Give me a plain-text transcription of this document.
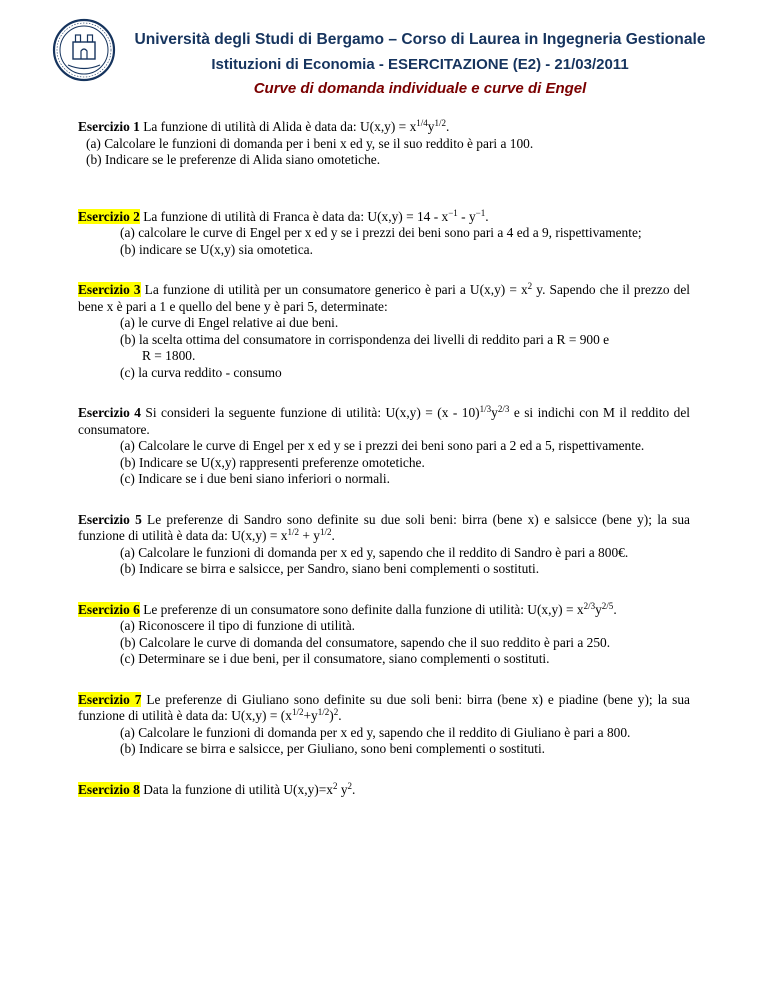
Università degli Studi di Bergamo – Corso di Laurea in Ingegneria Gestionale
Istituzioni di Economia - ESERCITAZIONE (E2) - 21/03/2011
Curve di domanda individuale e curve di Engel

Esercizio 1 La funzione di utilità di Alida è data da: $U(x,y) = x^{1/4}y^{1/2}$.

(a) Calcolare le funzioni di domanda per i beni x ed y, se il suo reddito è pari a 100.

(b) Indicare se le preferenze di Alida siano omotetiche.

Esercizio 2 La funzione di utilità di Franca è data da: $U(x,y) = 14 - x^{-1} - y^{-1}$.

(a) calcolare le curve di Engel per x ed y se i prezzi dei beni sono pari a 4 ed a 9, rispettivamente;

(b) indicare se U(x,y) sia omotetica.

Esercizio 3 La funzione di utilità per un consumatore generico è pari a $U(x,y) = x^2$ y. Sapendo che il prezzo del bene x è pari a 1 e quello del bene y è pari 5, determinate:

(a) le curve di Engel relative ai due beni.

(b) la scelta ottima del consumatore in corrispondenza dei livelli di reddito pari a R = 900 e

R = 1800.

(c) la curva reddito - consumo

Esercizio 4 Si consideri la seguente funzione di utilità: $U(x,y) = (x - 10)^{1/3}y^{2/3}$ e si indichi con M il reddito del consumatore.

(a) Calcolare le curve di Engel per x ed y se i prezzi dei beni sono pari a 2 ed a 5, rispettivamente.

(b) Indicare se U(x,y) rappresenti preferenze omotetiche.

(c) Indicare se i due beni siano inferiori o normali.

Esercizio 5 Le preferenze di Sandro sono definite su due soli beni: birra (bene x) e salsicce (bene y); la sua funzione di utilità è data da: $U(x,y) = x^{1/2} + y^{1/2}$.

(a) Calcolare le funzioni di domanda per x ed y, sapendo che il reddito di Sandro è pari a 800€.

(b) Indicare se birra e salsicce, per Sandro, siano beni complementi o sostituti.

Esercizio 6 Le preferenze di un consumatore sono definite dalla funzione di utilità: $U(x,y) = x^{2/3}y^{2/5}$.

(a) Riconoscere il tipo di funzione di utilità.

(b) Calcolare le curve di domanda del consumatore, sapendo che il suo reddito è pari a 250.

(c) Determinare se i due beni, per il consumatore, siano complementi o sostituti.

Esercizio 7 Le preferenze di Giuliano sono definite su due soli beni: birra (bene x) e piadine (bene y); la sua funzione di utilità è data da: $U(x,y) = (x^{1/2}+y^{1/2})^2$.

(a) Calcolare le funzioni di domanda per x ed y, sapendo che il reddito di Giuliano è pari a 800.

(b) Indicare se birra e salsicce, per Giuliano, sono beni complementi o sostituti.

Esercizio 8 Data la funzione di utilità $U(x,y)=x^2$ $y^2$.
